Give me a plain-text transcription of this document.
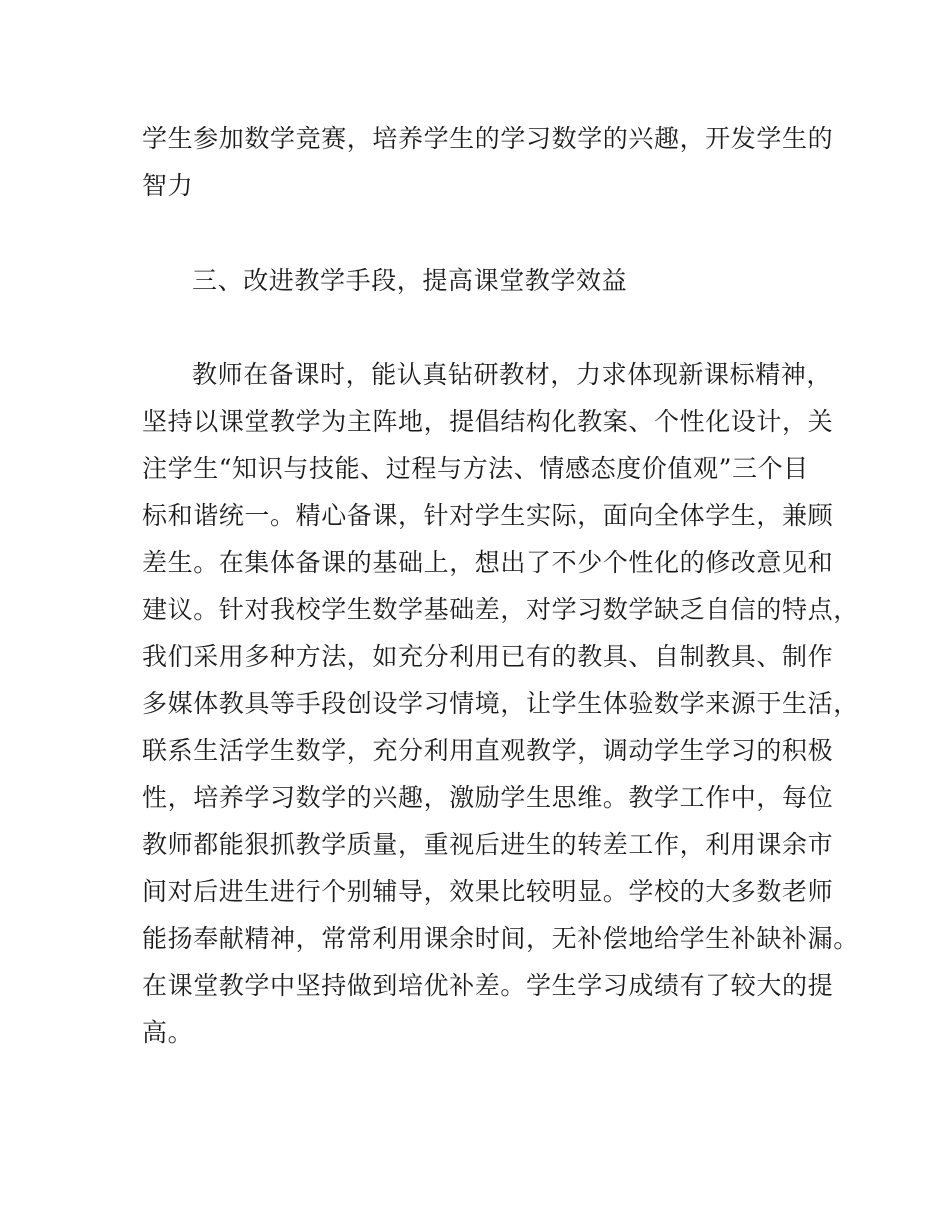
学生参加数学竞赛，培养学生的学习数学的兴趣，开发学生的
智力
三、改进教学手段，提高课堂教学效益
教师在备课时，能认真钻研教材，力求体现新课标精神，
坚持以课堂教学为主阵地，提倡结构化教案、个性化设计，关
注学生“知识与技能、过程与方法、情感态度价值观”三个目
标和谐统一。精心备课，针对学生实际，面向全体学生，兼顾
差生。在集体备课的基础上，想出了不少个性化的修改意见和
建议。针对我校学生数学基础差，对学习数学缺乏自信的特点，
我们采用多种方法，如充分利用已有的教具、自制教具、制作
多媒体教具等手段创设学习情境，让学生体验数学来源于生活，
联系生活学生数学，充分利用直观教学，调动学生学习的积极
性，培养学习数学的兴趣，激励学生思维。教学工作中，每位
教师都能狠抓教学质量，重视后进生的转差工作，利用课余市
间对后进生进行个别辅导，效果比较明显。学校的大多数老师
能扬奉献精神，常常利用课余时间，无补偿地给学生补缺补漏。
在课堂教学中坚持做到培优补差。学生学习成绩有了较大的提
高。
